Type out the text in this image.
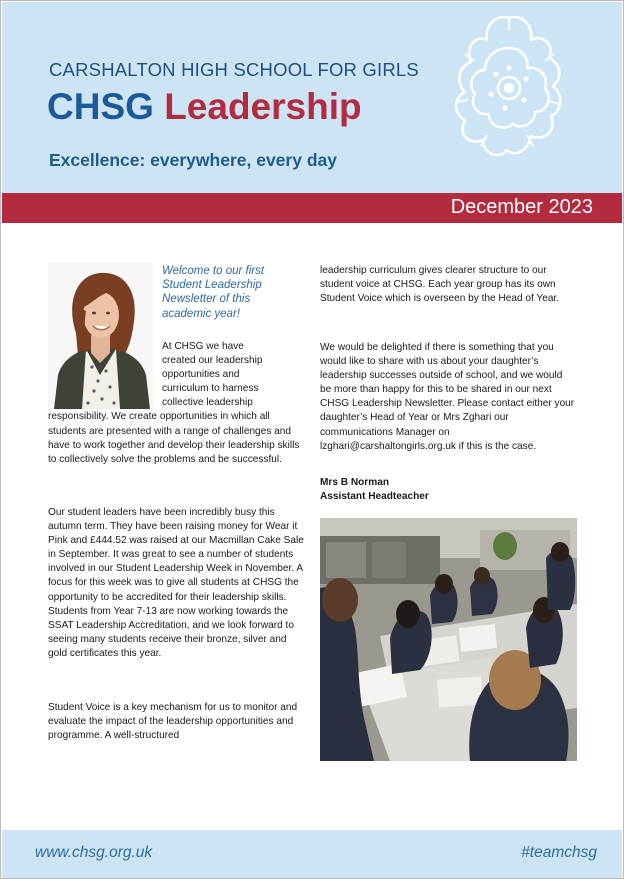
CARSHALTON HIGH SCHOOL FOR GIRLS
CHSG Leadership
Excellence: everywhere, every day
December 2023
Welcome to our first Student Leadership Newsletter of this academic year!
At CHSG we have
created our leadership
opportunities and
curriculum to harness
collective leadership
responsibility. We create opportunities in which all students are presented with a range of challenges and have to work together and develop their leadership skills to collectively solve the problems and be successful.
Our student leaders have been incredibly busy this autumn term. They have been raising money for Wear it Pink and £444.52 was raised at our Macmillan Cake Sale in September. It was great to see a number of students involved in our Student Leadership Week in November. A focus for this week was to give all students at CHSG the opportunity to be accredited for their leadership skills. Students from Year 7-13 are now working towards the SSAT Leadership Accreditation, and we look forward to seeing many students receive their bronze, silver and gold certificates this year.
Student Voice is a key mechanism for us to monitor and evaluate the impact of the leadership opportunities and programme. A well-structured
leadership curriculum gives clearer structure to our student voice at CHSG. Each year group has its own Student Voice which is overseen by the Head of Year.
We would be delighted if there is something that you would like to share with us about your daughter’s leadership successes outside of school, and we would be more than happy for this to be shared in our next CHSG Leadership Newsletter. Please contact either your daughter’s Head of Year or Mrs Zghari our communications Manager on lzghari@carshaltongirls.org.uk if this is the case.
Mrs B Norman
Assistant Headteacher
www.chsg.org.uk	#teamchsg
